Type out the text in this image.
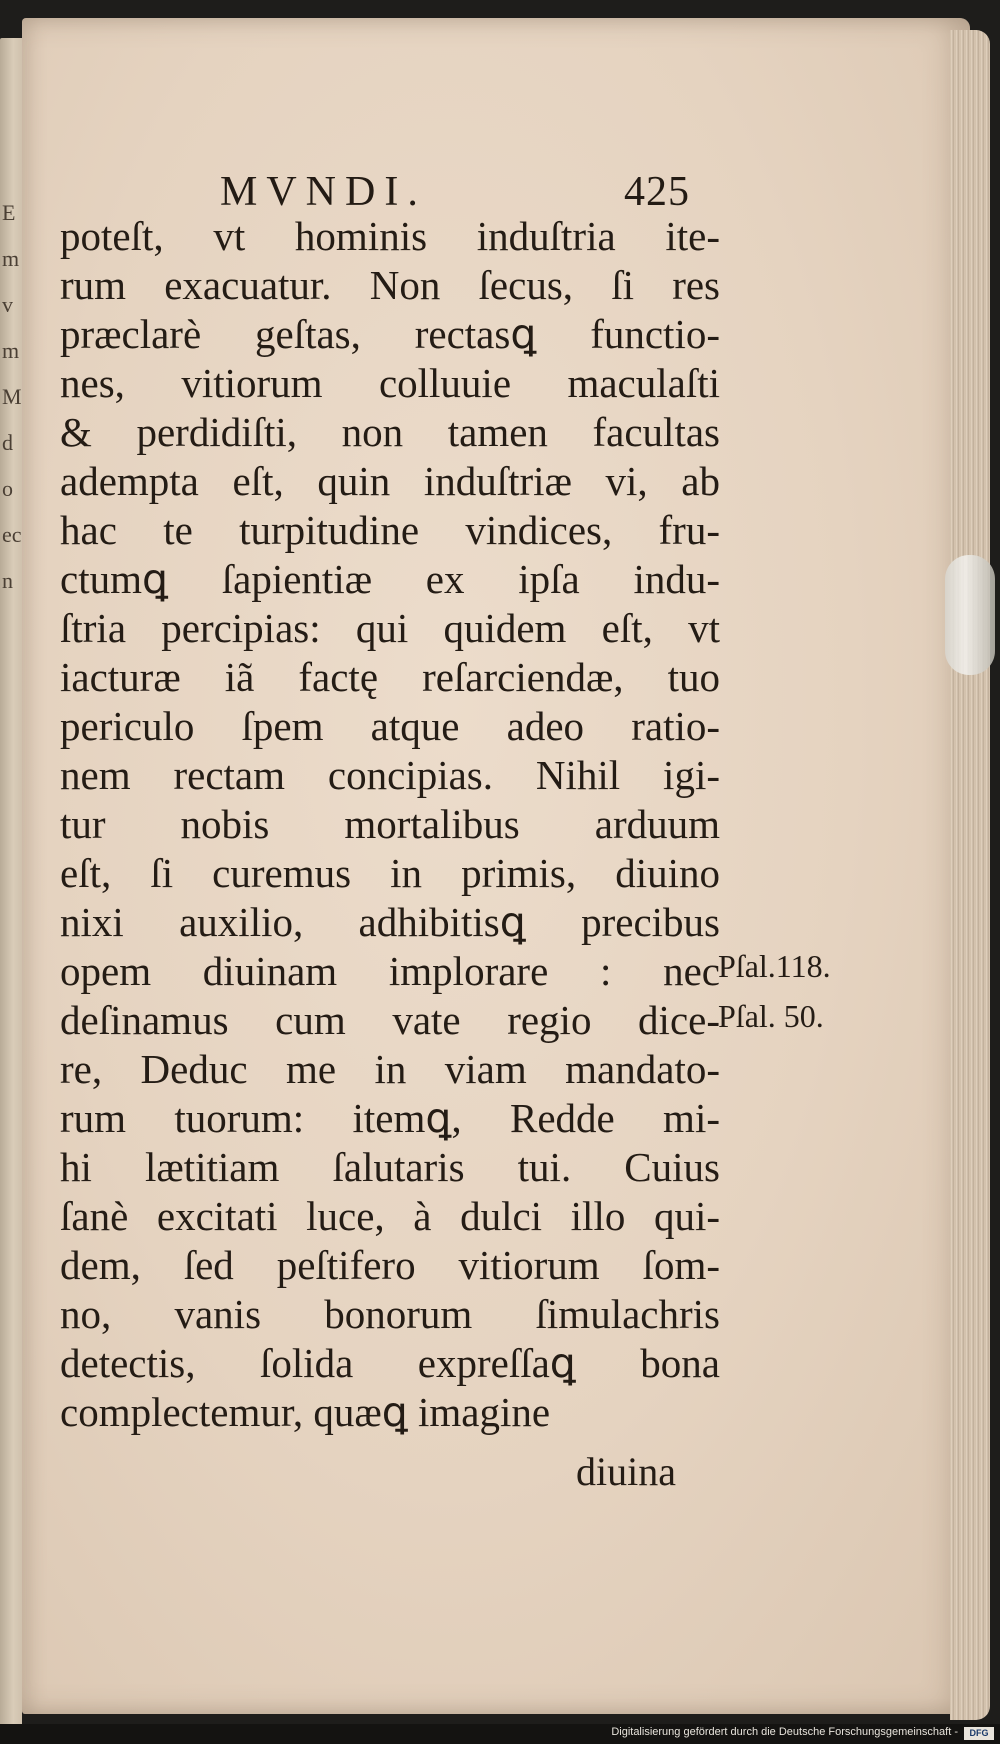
E
m
v
m
M
d
o
ec
n
MVNDI.	425
poteſt, vt hominis induſtria ite-
rum exacuatur. Non ſecus, ſi res
præclarè geſtas, rectasꝗ functio-
nes, vitiorum colluuie maculaſti
& perdidiſti, non tamen facultas
adempta eſt, quin induſtriæ vi, ab
hac te turpitudine vindices, fru-
ctumꝗ ſapientiæ ex ipſa indu-
ſtria percipias: qui quidem eſt, vt
iacturæ iã factę reſarciendæ, tuo
periculo ſpem atque adeo ratio-
nem rectam concipias. Nihil igi-
tur nobis mortalibus arduum
eſt, ſi curemus in primis, diuino
nixi auxilio, adhibitisꝗ precibus
opem diuinam implorare : nec
deſinamus cum vate regio dice-
re, Deduc me in viam mandato-
rum tuorum: itemꝗ, Redde mi-
hi lætitiam ſalutaris tui. Cuius
ſanè excitati luce, à dulci illo qui-
dem, ſed peſtifero vitiorum ſom-
no, vanis bonorum ſimulachris
detectis, ſolida expreſſaꝗ bona
complectemur, quæꝗ imagine
diuina
Pſal.118.
Pſal. 50.
Digitalisierung gefördert durch die Deutsche Forschungsgemeinschaft -	DFG
